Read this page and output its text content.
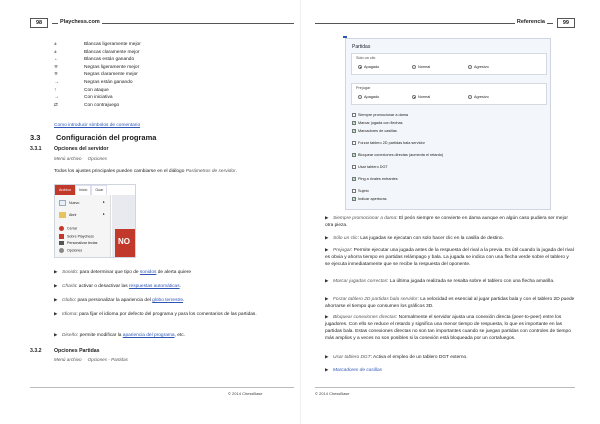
98	Playchess.com
±	Blancas ligeramente mejor
±	Blancas claramente mejor
←	Blancas están ganando
∓	Negras ligeramente mejor
∓	Negras claramente mejor
→	Negras están ganando
↑	Con ataque
→	Con iniciativa
⇄	Con contrajuego
Como introducir símbolos de comentario
3.3 Configuración del programa
3.3.1 Opciones del servidor
Menú archivo Opciones
Todos los ajustes principales pueden cambiarse en el diálogo Parámetros de servidor.
Archivo	Inicio	Guar
Nuevo	▸
Abrir	▸
Cerrar
Sobre Playchess
Personalizar teclas
Opciones
NO
▶ Sonido: para determinar que tipo de sonidos de alerta quiere
▶ Charla: activar o desactivar las respuestas automáticas.
▶ Globo: para personalizar la apariencia del globo terrestre.
▶ Idioma: para fijar el idioma por defecto del programa y para los comentarios de las partidas.
▶ Diseño: permite modificar la apariencia del programa, etc.
3.3.2 Opciones Partidas
Menú archivo Opciones - Partidas
© 2014 ChessBase
Referencia	99
Partidas
Sólo un clic
Apagado	Normal	Agresivo
Prejugar
Apagado	Normal	Agresivo
Siempre promocionar a dama
✔ Marcar jugada con flechas
✔ Marcadores de casillas
Forzar tablero 2D partidas bala servidor
✔ Bloquear conexiones directas (aumenta el retardo)
Usar tablero DGT
✔ Ping a rivales entrantes
Sujeto
✔ Indicar aperturas
▶ Siempre promocionar a dama: El peón siempre se convierte en dama aunque en algún caso pudiera ser mejor otra pieza.
▶ Sólo un clic: Las jugadas se ejecutan con solo hacer clic en la casilla de destino.
▶ Prejugar: Permite ejecutar una jugada antes de la respuesta del rival a la previa. Es útil cuando la jugada del rival es obvia y ahorra tiempo en partidas relámpago y bala. La jugada se indica con una flecha verde sobre el tablero y se ejecuta inmediatamente que se recibe la respuesta del oponente.
▶ Marcar jugadas correctas: La última jugada realizada se resalta sobre el tablero con una flecha amarilla.
▶ Forzar tablero 2D partidas bala servidor: La velocidad es esencial al jugar partidas bala y con el tablero 2D puede ahorrarse el tiempo que consumen los gráficos 3D.
▶ Bloquear conexiones directas: Normalmente el servidor ajusta una conexión directa (peer-to-peer) entre los jugadores. Con ello se reduce el retardo y significa una menor tiempo de respuesta, lo que es importante en las partidas bala. Estas conexiones directas no son tan importantes cuando se juegan partidas con controles de tiempo más amplios y a veces no son posibles si la conexión está bloqueada por un cortafuegos.
▶ Usar tablero DGT: Activa el empleo de un tablero DGT externo.
▶ Marcadores de casillas
© 2014 ChessBase
